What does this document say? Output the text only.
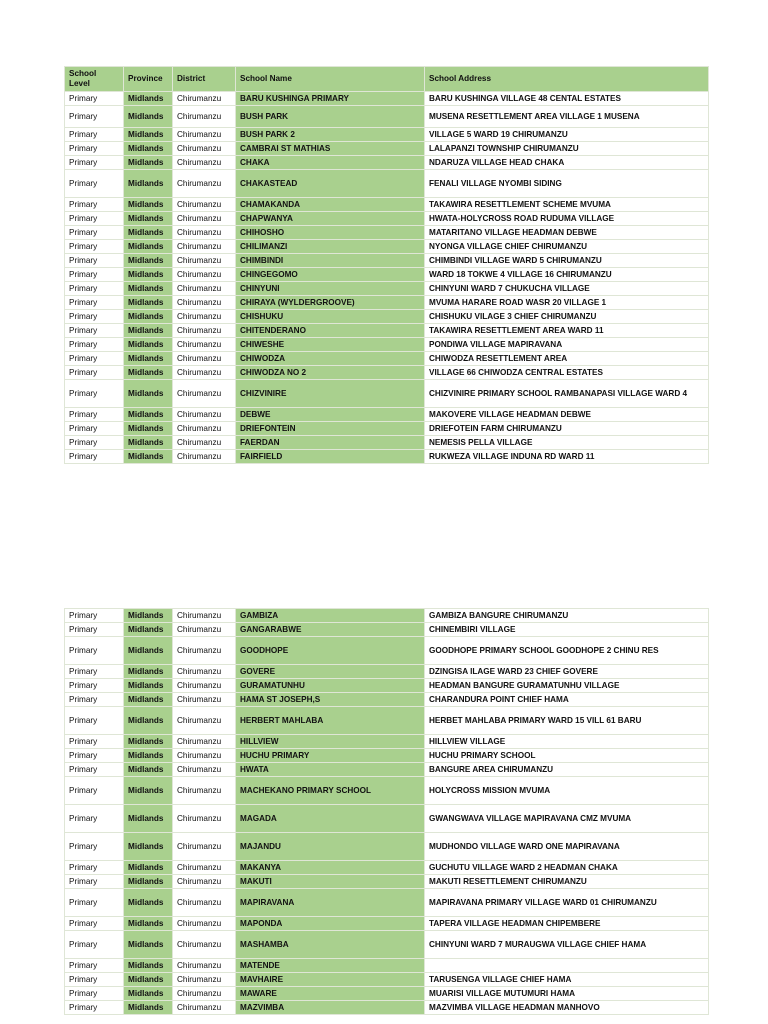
School Level	Province	District	School Name	School Address
Primary	Midlands	Chirumanzu	BARU KUSHINGA PRIMARY	BARU KUSHINGA VILLAGE 48 CENTAL ESTATES
Primary	Midlands	Chirumanzu	BUSH PARK	MUSENA RESETTLEMENT AREA VILLAGE 1 MUSENA
Primary	Midlands	Chirumanzu	BUSH PARK 2	VILLAGE 5 WARD 19 CHIRUMANZU
Primary	Midlands	Chirumanzu	CAMBRAI ST MATHIAS	LALAPANZI TOWNSHIP CHIRUMANZU
Primary	Midlands	Chirumanzu	CHAKA	NDARUZA VILLAGE HEAD CHAKA
Primary	Midlands	Chirumanzu	CHAKASTEAD	FENALI VILLAGE NYOMBI SIDING
Primary	Midlands	Chirumanzu	CHAMAKANDA	TAKAWIRA RESETTLEMENT SCHEME MVUMA
Primary	Midlands	Chirumanzu	CHAPWANYA	HWATA-HOLYCROSS ROAD RUDUMA VILLAGE
Primary	Midlands	Chirumanzu	CHIHOSHO	MATARITANO VILLAGE HEADMAN DEBWE
Primary	Midlands	Chirumanzu	CHILIMANZI	NYONGA VILLAGE CHIEF CHIRUMANZU
Primary	Midlands	Chirumanzu	CHIMBINDI	CHIMBINDI VILLAGE WARD 5 CHIRUMANZU
Primary	Midlands	Chirumanzu	CHINGEGOMO	WARD 18 TOKWE 4 VILLAGE 16 CHIRUMANZU
Primary	Midlands	Chirumanzu	CHINYUNI	CHINYUNI WARD 7 CHUKUCHA VILLAGE
Primary	Midlands	Chirumanzu	CHIRAYA (WYLDERGROOVE)	MVUMA HARARE ROAD WASR 20 VILLAGE 1
Primary	Midlands	Chirumanzu	CHISHUKU	CHISHUKU VILAGE 3 CHIEF CHIRUMANZU
Primary	Midlands	Chirumanzu	CHITENDERANO	TAKAWIRA RESETTLEMENT AREA WARD 11
Primary	Midlands	Chirumanzu	CHIWESHE	PONDIWA VILLAGE MAPIRAVANA
Primary	Midlands	Chirumanzu	CHIWODZA	CHIWODZA RESETTLEMENT AREA
Primary	Midlands	Chirumanzu	CHIWODZA NO 2	VILLAGE 66 CHIWODZA CENTRAL ESTATES
Primary	Midlands	Chirumanzu	CHIZVINIRE	CHIZVINIRE PRIMARY SCHOOL RAMBANAPASI VILLAGE WARD 4
Primary	Midlands	Chirumanzu	DEBWE	MAKOVERE VILLAGE HEADMAN DEBWE
Primary	Midlands	Chirumanzu	DRIEFONTEIN	DRIEFOTEIN FARM CHIRUMANZU
Primary	Midlands	Chirumanzu	FAERDAN	NEMESIS PELLA VILLAGE
Primary	Midlands	Chirumanzu	FAIRFIELD	RUKWEZA VILLAGE INDUNA RD WARD 11
Primary	Midlands	Chirumanzu	GAMBIZA	GAMBIZA BANGURE CHIRUMANZU
Primary	Midlands	Chirumanzu	GANGARABWE	CHINEMBIRI VILLAGE
Primary	Midlands	Chirumanzu	GOODHOPE	GOODHOPE PRIMARY SCHOOL GOODHOPE 2 CHINU RES
Primary	Midlands	Chirumanzu	GOVERE	DZINGISA ILAGE WARD 23 CHIEF GOVERE
Primary	Midlands	Chirumanzu	GURAMATUNHU	HEADMAN BANGURE GURAMATUNHU VILLAGE
Primary	Midlands	Chirumanzu	HAMA ST JOSEPH,S	CHARANDURA POINT CHIEF HAMA
Primary	Midlands	Chirumanzu	HERBERT MAHLABA	HERBET MAHLABA PRIMARY WARD 15 VILL 61 BARU
Primary	Midlands	Chirumanzu	HILLVIEW	HILLVIEW VILLAGE
Primary	Midlands	Chirumanzu	HUCHU PRIMARY	HUCHU PRIMARY SCHOOL
Primary	Midlands	Chirumanzu	HWATA	BANGURE AREA CHIRUMANZU
Primary	Midlands	Chirumanzu	MACHEKANO PRIMARY SCHOOL	HOLYCROSS MISSION MVUMA
Primary	Midlands	Chirumanzu	MAGADA	GWANGWAVA VILLAGE MAPIRAVANA CMZ MVUMA
Primary	Midlands	Chirumanzu	MAJANDU	MUDHONDO VILLAGE WARD ONE MAPIRAVANA
Primary	Midlands	Chirumanzu	MAKANYA	GUCHUTU VILLAGE WARD 2 HEADMAN CHAKA
Primary	Midlands	Chirumanzu	MAKUTI	MAKUTI RESETTLEMENT CHIRUMANZU
Primary	Midlands	Chirumanzu	MAPIRAVANA	MAPIRAVANA PRIMARY VILLAGE WARD 01 CHIRUMANZU
Primary	Midlands	Chirumanzu	MAPONDA	TAPERA VILLAGE HEADMAN CHIPEMBERE
Primary	Midlands	Chirumanzu	MASHAMBA	CHINYUNI WARD 7 MURAUGWA VILLAGE CHIEF HAMA
Primary	Midlands	Chirumanzu	MATENDE	
Primary	Midlands	Chirumanzu	MAVHAIRE	TARUSENGA VILLAGE CHIEF HAMA
Primary	Midlands	Chirumanzu	MAWARE	MUARISI VILLAGE MUTUMURI HAMA
Primary	Midlands	Chirumanzu	MAZVIMBA	MAZVIMBA VILLAGE HEADMAN MANHOVO
